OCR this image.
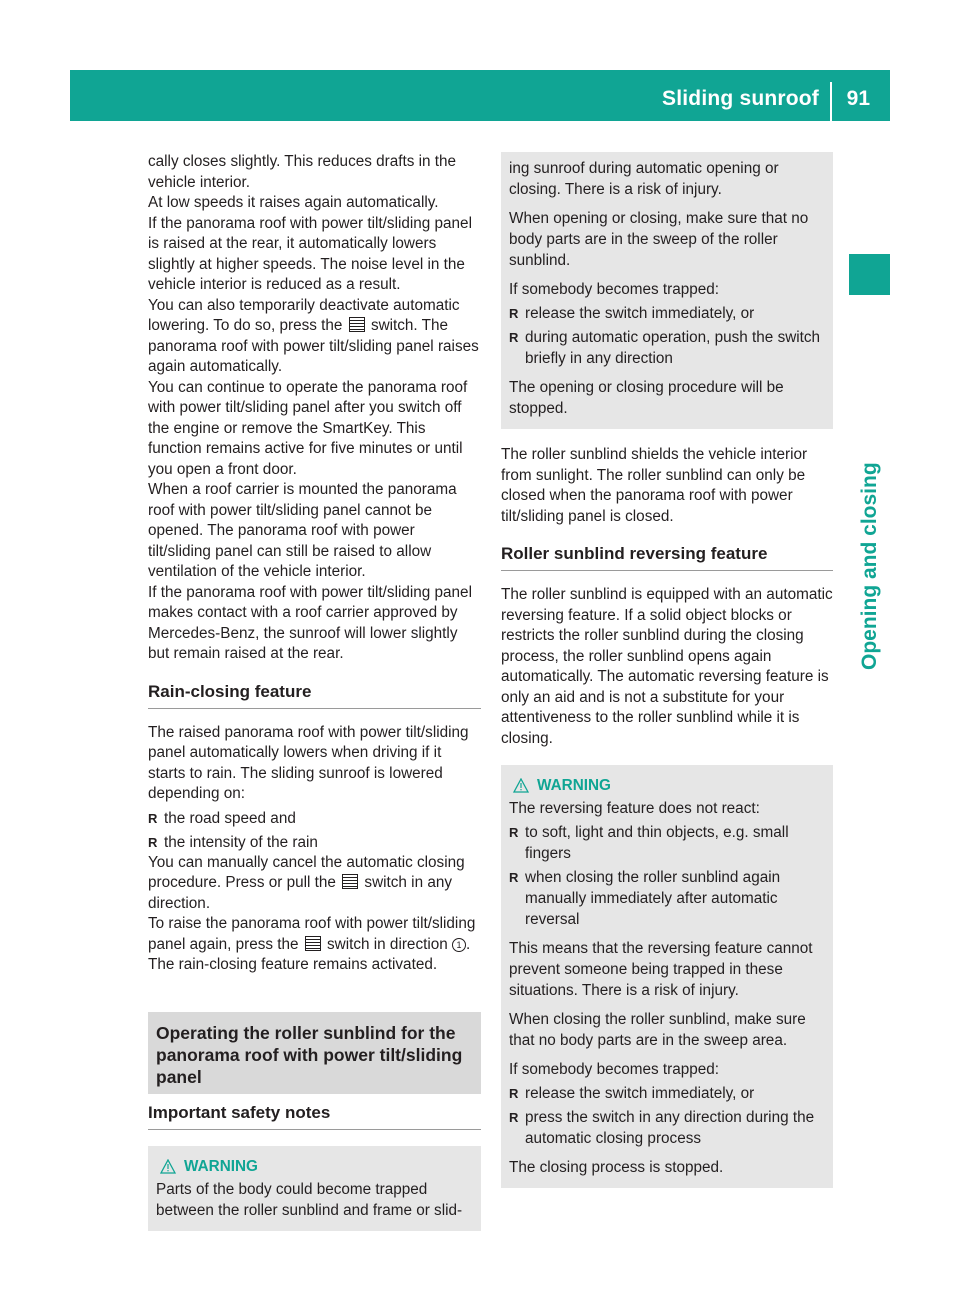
Sliding sunroof 91
Opening and closing

cally closes slightly. This reduces drafts in the vehicle interior.

At low speeds it raises again automatically.

If the panorama roof with power tilt/sliding panel is raised at the rear, it automatically lowers slightly at higher speeds. The noise level in the vehicle interior is reduced as a result.

You can also temporarily deactivate automatic lowering. To do so, press the switch. The panorama roof with power tilt/sliding panel raises again automatically.

You can continue to operate the panorama roof with power tilt/sliding panel after you switch off the engine or remove the SmartKey. This function remains active for five minutes or until you open a front door.

When a roof carrier is mounted the panorama roof with power tilt/sliding panel cannot be opened. The panorama roof with power tilt/sliding panel can still be raised to allow ventilation of the vehicle interior.

If the panorama roof with power tilt/sliding panel makes contact with a roof carrier approved by Mercedes-Benz, the sunroof will lower slightly but remain raised at the rear.

Rain-closing feature

The raised panorama roof with power tilt/sliding panel automatically lowers when driving if it starts to rain. The sliding sunroof is lowered depending on:

R the road speed and
R the intensity of the rain

You can manually cancel the automatic closing procedure. Press or pull the switch in any direction.

To raise the panorama roof with power tilt/sliding panel again, press the switch in direction 1 . The rain-closing feature remains activated.

Operating the roller sunblind for the panorama roof with power tilt/sliding panel
Important safety notes
WARNING

Parts of the body could become trapped between the roller sunblind and frame or slid-

ing sunroof during automatic opening or closing. There is a risk of injury.

When opening or closing, make sure that no body parts are in the sweep of the roller sunblind.

If somebody becomes trapped:

R release the switch immediately, or
R during automatic operation, push the switch briefly in any direction

The opening or closing procedure will be stopped.

The roller sunblind shields the vehicle interior from sunlight. The roller sunblind can only be closed when the panorama roof with power tilt/sliding panel is closed.

Roller sunblind reversing feature

The roller sunblind is equipped with an automatic reversing feature. If a solid object blocks or restricts the roller sunblind during the closing process, the roller sunblind opens again automatically. The automatic reversing feature is only an aid and is not a substitute for your attentiveness to the roller sunblind while it is closing.

WARNING

The reversing feature does not react:

R to soft, light and thin objects, e.g. small fingers
R when closing the roller sunblind again manually immediately after automatic reversal

This means that the reversing feature cannot prevent someone being trapped in these situations. There is a risk of injury.

When closing the roller sunblind, make sure that no body parts are in the sweep area.

If somebody becomes trapped:

R release the switch immediately, or
R press the switch in any direction during the automatic closing process

The closing process is stopped.
